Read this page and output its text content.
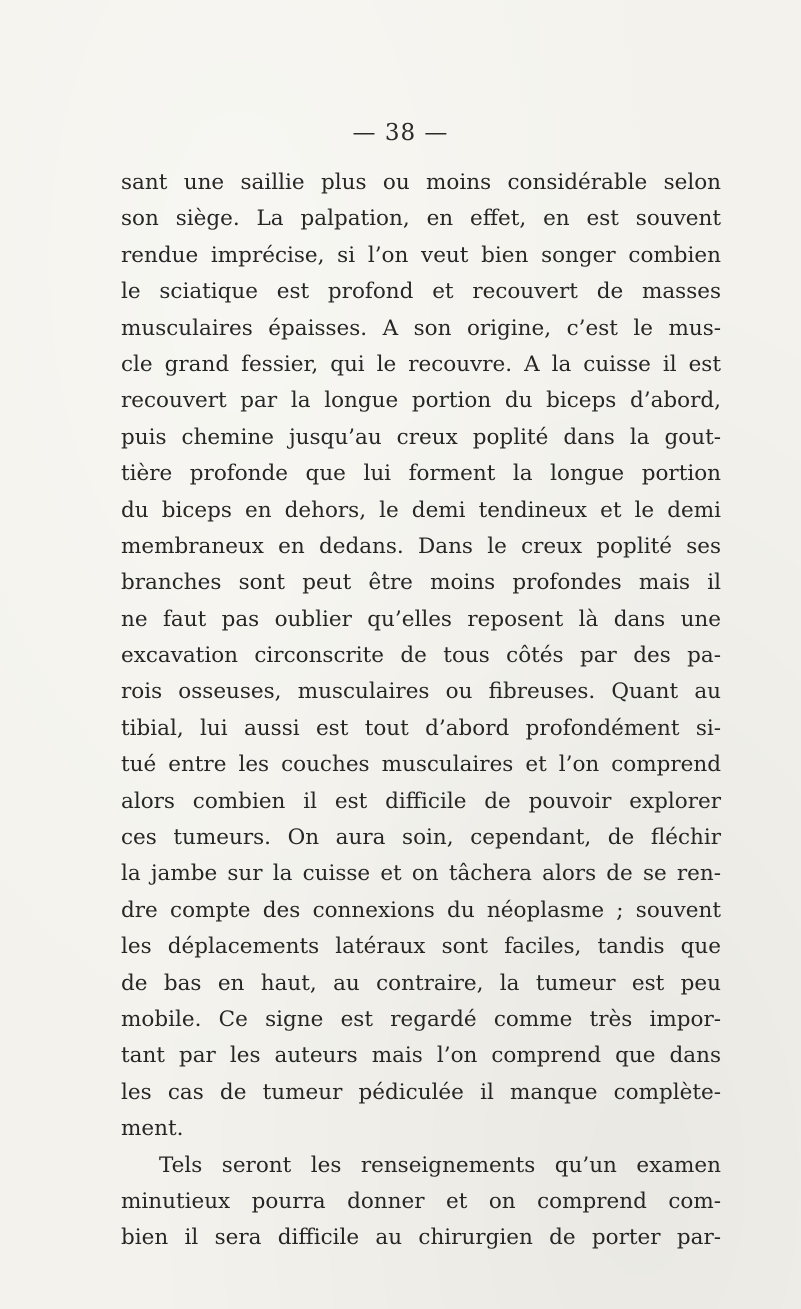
— 38 —
sant une saillie plus ou moins considérable selon
son siège. La palpation, en effet, en est souvent
rendue imprécise, si l’on veut bien songer combien
le sciatique est profond et recouvert de masses
musculaires épaisses. A son origine, c’est le mus-
cle grand fessier, qui le recouvre. A la cuisse il est
recouvert par la longue portion du biceps d’abord,
puis chemine jusqu’au creux poplité dans la gout-
tière profonde que lui forment la longue portion
du biceps en dehors, le demi tendineux et le demi
membraneux en dedans. Dans le creux poplité ses
branches sont peut être moins profondes mais il
ne faut pas oublier qu’elles reposent là dans une
excavation circonscrite de tous côtés par des pa-
rois osseuses, musculaires ou fibreuses. Quant au
tibial, lui aussi est tout d’abord profondément si-
tué entre les couches musculaires et l’on comprend
alors combien il est difficile de pouvoir explorer
ces tumeurs. On aura soin, cependant, de fléchir
la jambe sur la cuisse et on tâchera alors de se ren-
dre compte des connexions du néoplasme ; souvent
les déplacements latéraux sont faciles, tandis que
de bas en haut, au contraire, la tumeur est peu
mobile. Ce signe est regardé comme très impor-
tant par les auteurs mais l’on comprend que dans
les cas de tumeur pédiculée il manque complète-
ment.
Tels seront les renseignements qu’un examen
minutieux pourra donner et on comprend com-
bien il sera difficile au chirurgien de porter par-
